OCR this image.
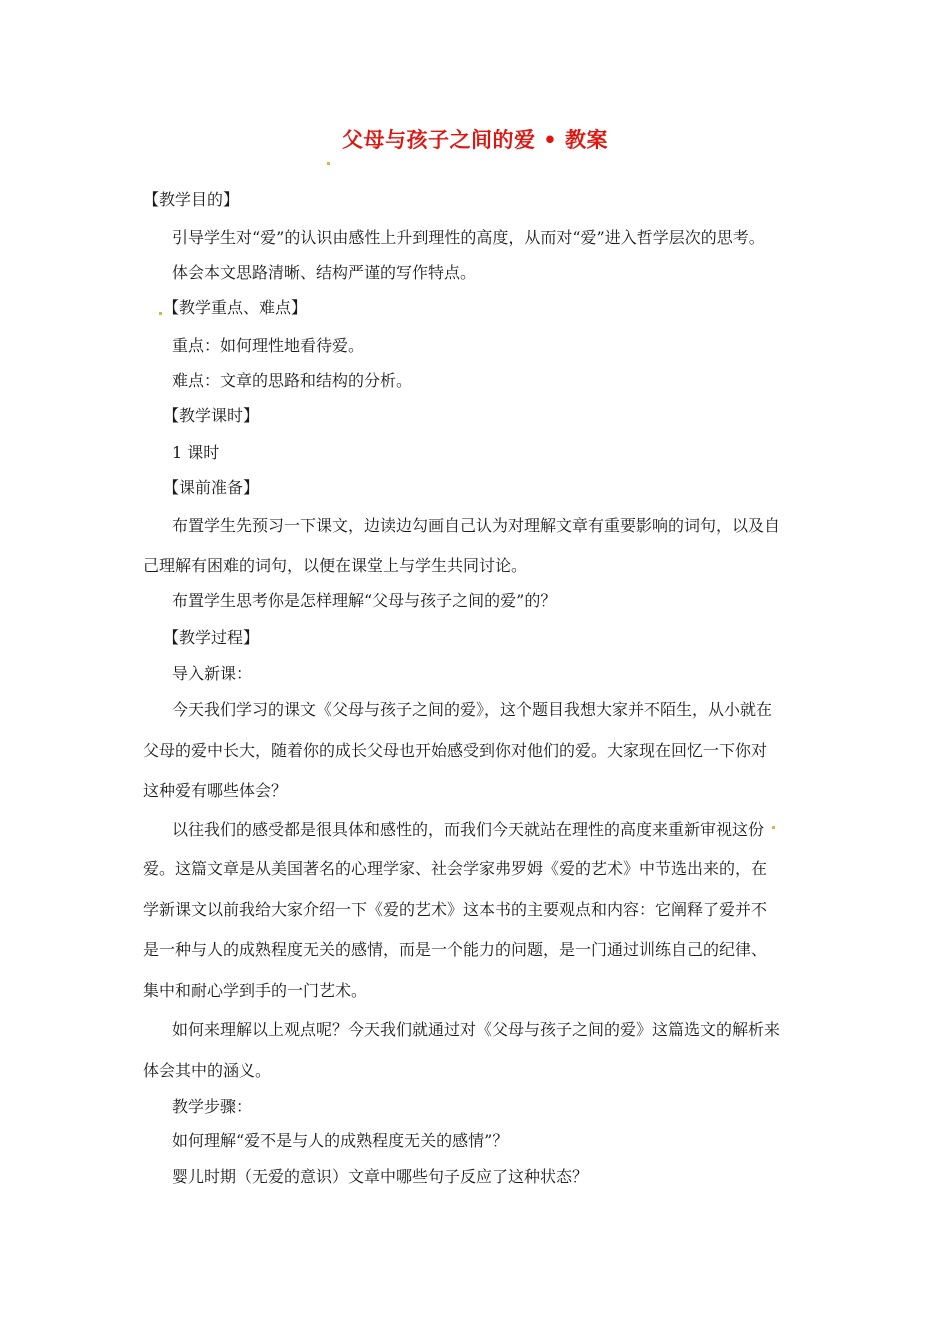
父母与孩子之间的爱 • 教案
【教学目的】
引导学生对“爱”的认识由感性上升到理性的高度，从而对“爱”进入哲学层次的思考。
体会本文思路清晰、结构严谨的写作特点。
【教学重点、难点】
重点：如何理性地看待爱。
难点：文章的思路和结构的分析。
【教学课时】
1 课时
【课前准备】
布置学生先预习一下课文，边读边勾画自己认为对理解文章有重要影响的词句，以及自
己理解有困难的词句，以便在课堂上与学生共同讨论。
布置学生思考你是怎样理解“父母与孩子之间的爱”的？
【教学过程】
导入新课：
今天我们学习的课文《父母与孩子之间的爱》，这个题目我想大家并不陌生，从小就在
父母的爱中长大，随着你的成长父母也开始感受到你对他们的爱。大家现在回忆一下你对
这种爱有哪些体会？
以往我们的感受都是很具体和感性的，而我们今天就站在理性的高度来重新审视这份
爱。这篇文章是从美国著名的心理学家、社会学家弗罗姆《爱的艺术》中节选出来的，在
学新课文以前我给大家介绍一下《爱的艺术》这本书的主要观点和内容：它阐释了爱并不
是一种与人的成熟程度无关的感情，而是一个能力的问题，是一门通过训练自己的纪律、
集中和耐心学到手的一门艺术。
如何来理解以上观点呢？今天我们就通过对《父母与孩子之间的爱》这篇选文的解析来
体会其中的涵义。
教学步骤：
如何理解“爱不是与人的成熟程度无关的感情”？
婴儿时期（无爱的意识）文章中哪些句子反应了这种状态？
